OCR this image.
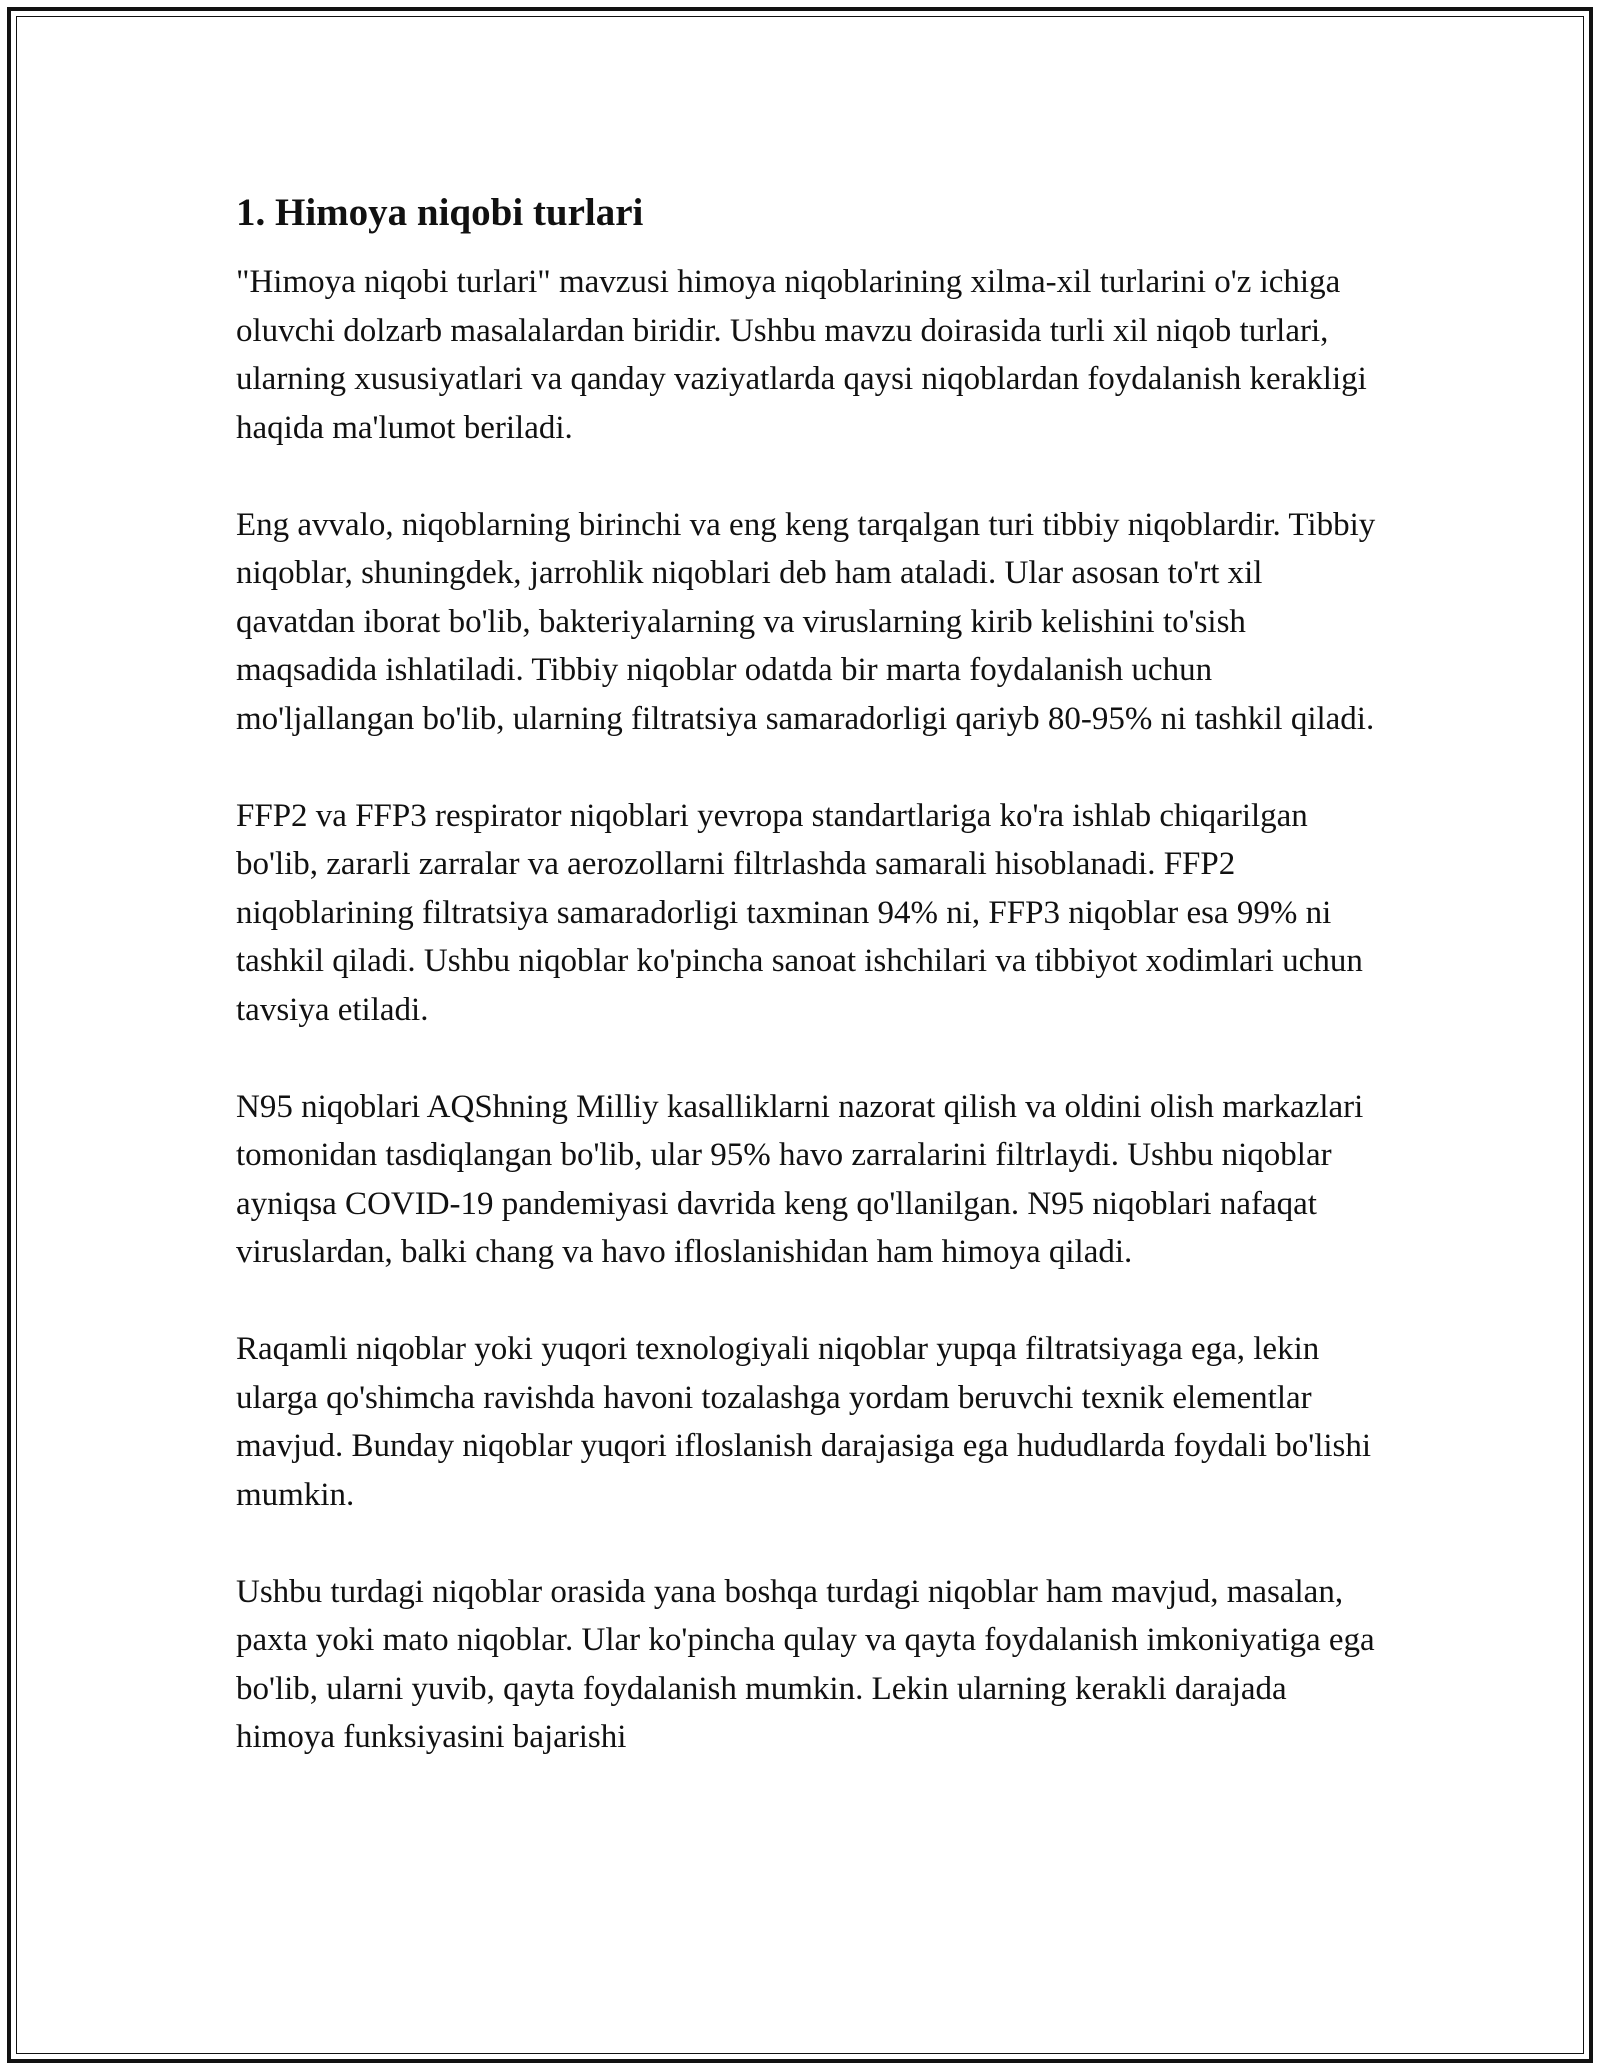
1. Himoya niqobi turlari

"Himoya niqobi turlari" mavzusi himoya niqoblarining xilma-xil turlarini o'z ichiga oluvchi dolzarb masalalardan biridir. Ushbu mavzu doirasida turli xil niqob turlari, ularning xususiyatlari va qanday vaziyatlarda qaysi niqoblardan foydalanish kerakligi haqida ma'lumot beriladi.

Eng avvalo, niqoblarning birinchi va eng keng tarqalgan turi tibbiy niqoblardir. Tibbiy niqoblar, shuningdek, jarrohlik niqoblari deb ham ataladi. Ular asosan to'rt xil qavatdan iborat bo'lib, bakteriyalarning va viruslarning kirib kelishini to'sish maqsadida ishlatiladi. Tibbiy niqoblar odatda bir marta foydalanish uchun mo'ljallangan bo'lib, ularning filtratsiya samaradorligi qariyb 80-95% ni tashkil qiladi.

FFP2 va FFP3 respirator niqoblari yevropa standartlariga ko'ra ishlab chiqarilgan bo'lib, zararli zarralar va aerozollarni filtrlashda samarali hisoblanadi. FFP2 niqoblarining filtratsiya samaradorligi taxminan 94% ni, FFP3 niqoblar esa 99% ni tashkil qiladi. Ushbu niqoblar ko'pincha sanoat ishchilari va tibbiyot xodimlari uchun tavsiya etiladi.

N95 niqoblari AQShning Milliy kasalliklarni nazorat qilish va oldini olish markazlari tomonidan tasdiqlangan bo'lib, ular 95% havo zarralarini filtrlaydi. Ushbu niqoblar ayniqsa COVID-19 pandemiyasi davrida keng qo'llanilgan. N95 niqoblari nafaqat viruslardan, balki chang va havo ifloslanishidan ham himoya qiladi.

Raqamli niqoblar yoki yuqori texnologiyali niqoblar yupqa filtratsiyaga ega, lekin ularga qo'shimcha ravishda havoni tozalashga yordam beruvchi texnik elementlar mavjud. Bunday niqoblar yuqori ifloslanish darajasiga ega hududlarda foydali bo'lishi mumkin.

Ushbu turdagi niqoblar orasida yana boshqa turdagi niqoblar ham mavjud, masalan, paxta yoki mato niqoblar. Ular ko'pincha qulay va qayta foydalanish imkoniyatiga ega bo'lib, ularni yuvib, qayta foydalanish mumkin. Lekin ularning kerakli darajada himoya funksiyasini bajarishi
